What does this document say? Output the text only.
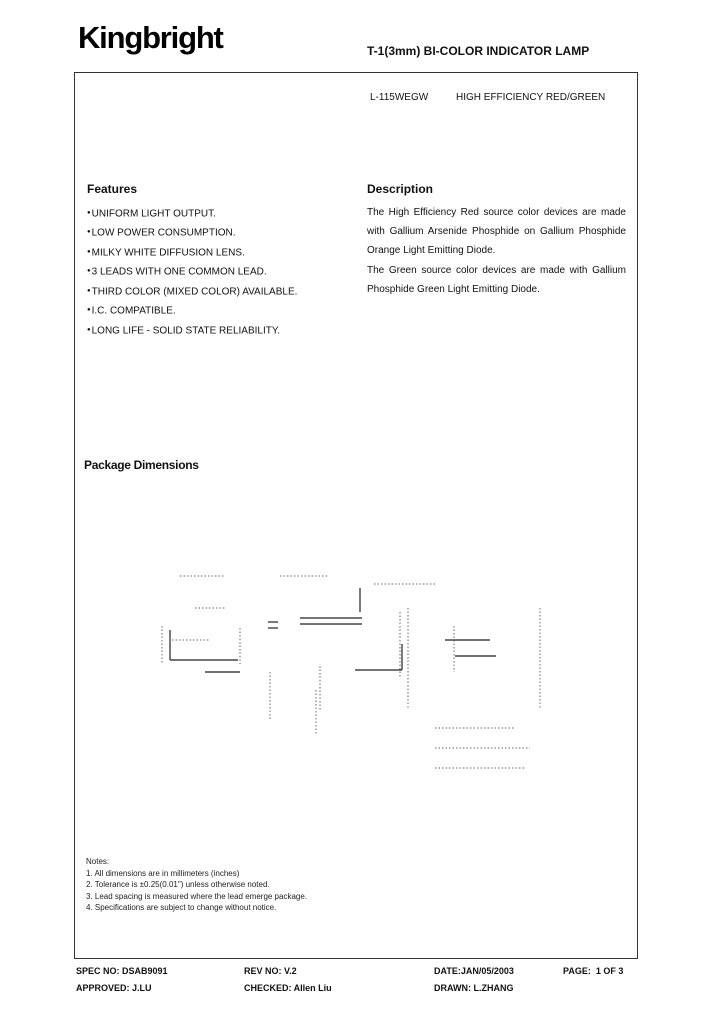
Kingbright	T-1(3mm) BI-COLOR INDICATOR LAMP
L-115WEGW	HIGH EFFICIENCY RED/GREEN
Features
● UNIFORM LIGHT OUTPUT.
● LOW POWER CONSUMPTION.
● MILKY WHITE DIFFUSION LENS.
● 3 LEADS WITH ONE COMMON LEAD.
● THIRD COLOR (MIXED COLOR) AVAILABLE.
● I.C. COMPATIBLE.
● LONG LIFE - SOLID STATE RELIABILITY.
Description

The High Efficiency Red source color devices are made with Gallium Arsenide Phosphide on Gallium Phosphide Orange Light Emitting Diode.

The Green source color devices are made with Gallium Phosphide Green Light Emitting Diode.

Package Dimensions
Notes:
1. All dimensions are in millimeters (inches)
2. Tolerance is ±0.25(0.01") unless otherwise noted.
3. Lead spacing is measured where the lead emerge package.
4. Specifications are subject to change without notice.
SPEC NO: DSAB9091	REV NO: V.2	DATE:JAN/05/2003	PAGE:  1 OF 3
APPROVED: J.LU	CHECKED: Allen Liu	DRAWN: L.ZHANG
